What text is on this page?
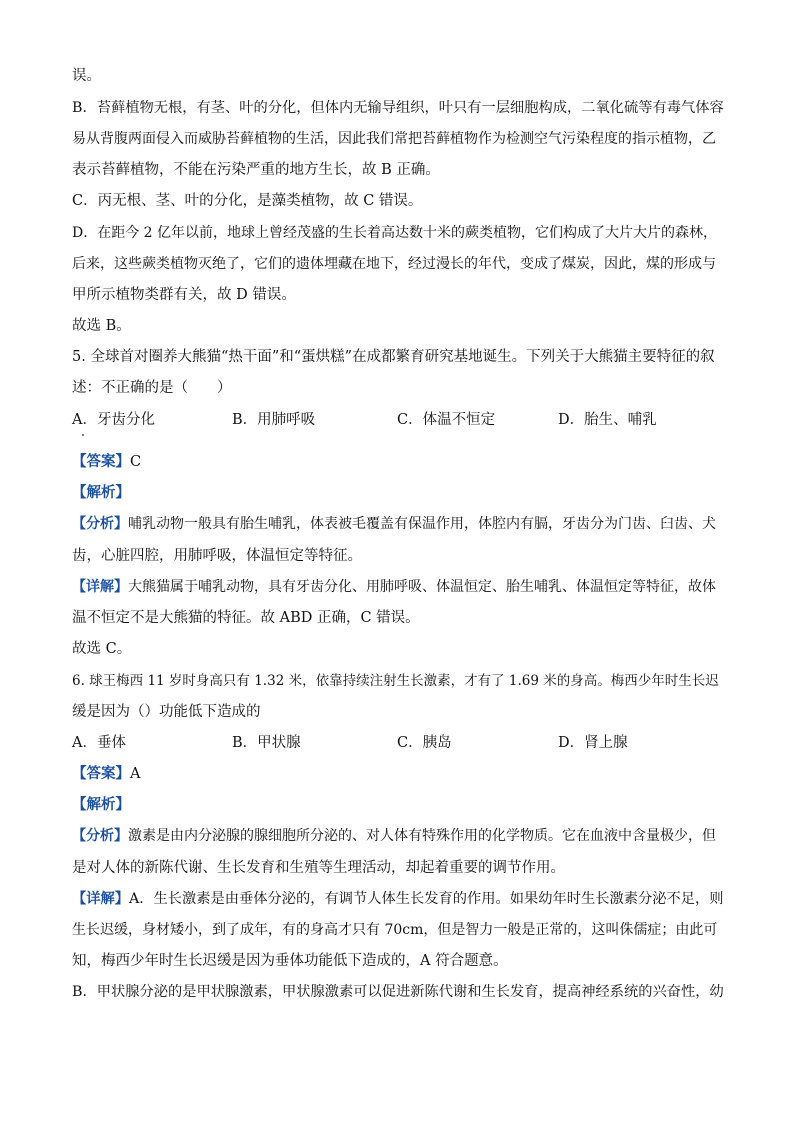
误。
B．苔藓植物无根，有茎、叶的分化，但体内无输导组织，叶只有一层细胞构成，二氧化硫等有毒气体容
易从背腹两面侵入而威胁苔藓植物的生活，因此我们常把苔藓植物作为检测空气污染程度的指示植物，乙
表示苔藓植物，不能在污染严重的地方生长，故 B 正确。
C．丙无根、茎、叶的分化，是藻类植物，故 C 错误。
D．在距今 2 亿年以前，地球上曾经茂盛的生长着高达数十米的蕨类植物，它们构成了大片大片的森林，
后来，这些蕨类植物灭绝了，它们的遗体埋藏在地下，经过漫长的年代，变成了煤炭，因此，煤的形成与
甲所示植物类群有关，故 D 错误。
故选 B。
5. 全球首对圈养大熊猫“热干面”和“蛋烘糕”在成都繁育研究基地诞生。下列关于大熊猫主要特征的叙
述：不正确的是（　　）
A．牙齿分化	B．用肺呼吸	C．体温不恒定	D．胎生、哺乳
【答案】C
【解析】
【分析】哺乳动物一般具有胎生哺乳，体表被毛覆盖有保温作用，体腔内有膈，牙齿分为门齿、臼齿、犬
齿，心脏四腔，用肺呼吸，体温恒定等特征。
【详解】大熊猫属于哺乳动物，具有牙齿分化、用肺呼吸、体温恒定、胎生哺乳、体温恒定等特征，故体
温不恒定不是大熊猫的特征。故 ABD 正确，C 错误。
故选 C。
6. 球王梅西 11 岁时身高只有 1.32 米，依靠持续注射生长激素，才有了 1.69 米的身高。梅西少年时生长迟
缓是因为（）功能低下造成的
A．垂体	B．甲状腺	C．胰岛	D．肾上腺
【答案】A
【解析】
【分析】激素是由内分泌腺的腺细胞所分泌的、对人体有特殊作用的化学物质。它在血液中含量极少，但
是对人体的新陈代谢、生长发育和生殖等生理活动，却起着重要的调节作用。
【详解】A．生长激素是由垂体分泌的，有调节人体生长发育的作用。如果幼年时生长激素分泌不足，则
生长迟缓，身材矮小，到了成年，有的身高才只有 70cm，但是智力一般是正常的，这叫侏儒症；由此可
知，梅西少年时生长迟缓是因为垂体功能低下造成的，A 符合题意。
B．甲状腺分泌的是甲状腺激素，甲状腺激素可以促进新陈代谢和生长发育，提高神经系统的兴奋性，幼
